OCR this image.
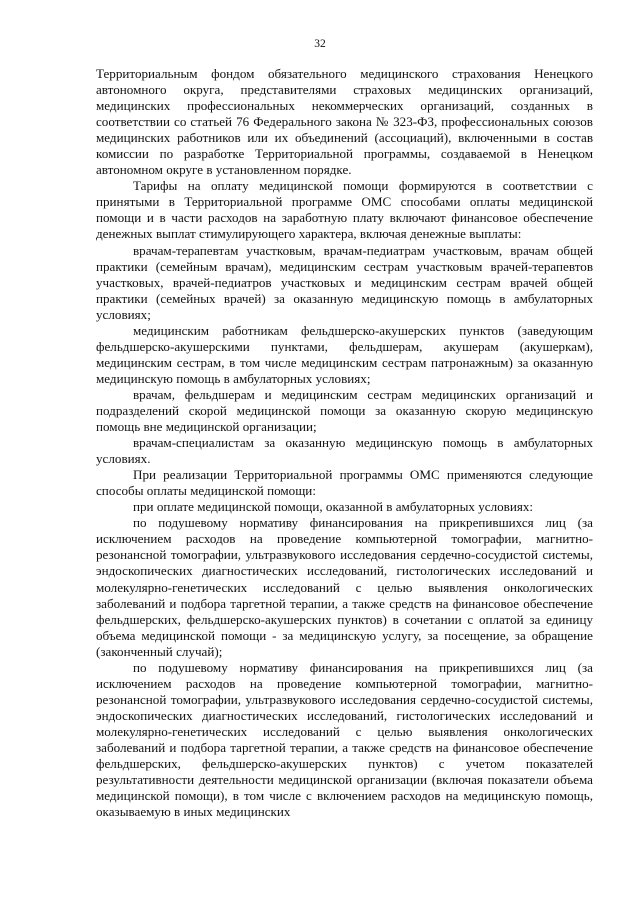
32

Территориальным фондом обязательного медицинского страхования Ненецкого автономного округа, представителями страховых медицинских организаций, медицинских профессиональных некоммерческих организаций, созданных в соответствии со статьей 76 Федерального закона № 323-ФЗ, профессиональных союзов медицинских работников или их объединений (ассоциаций), включенными в состав комиссии по разработке Территориальной программы, создаваемой в Ненецком автономном округе в установленном порядке.

Тарифы на оплату медицинской помощи формируются в соответствии с принятыми в Территориальной программе ОМС способами оплаты медицинской помощи и в части расходов на заработную плату включают финансовое обеспечение денежных выплат стимулирующего характера, включая денежные выплаты:

врачам-терапевтам участковым, врачам-педиатрам участковым, врачам общей практики (семейным врачам), медицинским сестрам участковым врачей-терапевтов участковых, врачей-педиатров участковых и медицинским сестрам врачей общей практики (семейных врачей) за оказанную медицинскую помощь в амбулаторных условиях;

медицинским работникам фельдшерско-акушерских пунктов (заведующим фельдшерско-акушерскими пунктами, фельдшерам, акушерам (акушеркам), медицинским сестрам, в том числе медицинским сестрам патронажным) за оказанную медицинскую помощь в амбулаторных условиях;

врачам, фельдшерам и медицинским сестрам медицинских организаций и подразделений скорой медицинской помощи за оказанную скорую медицинскую помощь вне медицинской организации;

врачам-специалистам за оказанную медицинскую помощь в амбулаторных условиях.

При реализации Территориальной программы ОМС применяются следующие способы оплаты медицинской помощи:

при оплате медицинской помощи, оказанной в амбулаторных условиях:

по подушевому нормативу финансирования на прикрепившихся лиц (за исключением расходов на проведение компьютерной томографии, магнитно-резонансной томографии, ультразвукового исследования сердечно-сосудистой системы, эндоскопических диагностических исследований, гистологических исследований и молекулярно-генетических исследований с целью выявления онкологических заболеваний и подбора таргетной терапии, а также средств на финансовое обеспечение фельдшерских, фельдшерско-акушерских пунктов) в сочетании с оплатой за единицу объема медицинской помощи - за медицинскую услугу, за посещение, за обращение (законченный случай);

по подушевому нормативу финансирования на прикрепившихся лиц (за исключением расходов на проведение компьютерной томографии, магнитно-резонансной томографии, ультразвукового исследования сердечно-сосудистой системы, эндоскопических диагностических исследований, гистологических исследований и молекулярно-генетических исследований с целью выявления онкологических заболеваний и подбора таргетной терапии, а также средств на финансовое обеспечение фельдшерских, фельдшерско-акушерских пунктов) с учетом показателей результативности деятельности медицинской организации (включая показатели объема медицинской помощи), в том числе с включением расходов на медицинскую помощь, оказываемую в иных медицинских
